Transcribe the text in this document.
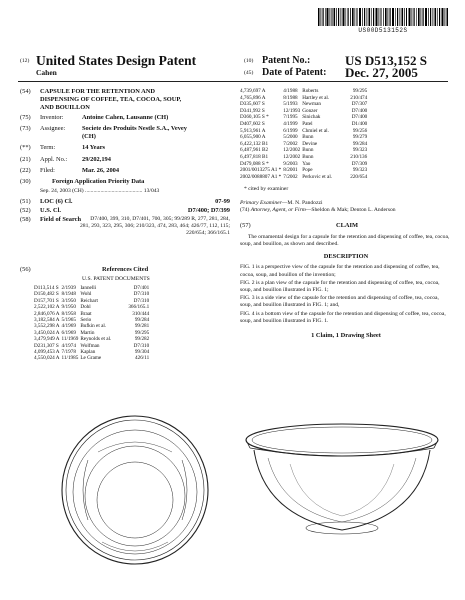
US00D513152S
(12) United States Design Patent
Cahen
(10) Patent No.:	US D513,152 S
(45) Date of Patent: Dec. 27, 2005
(54) CAPSULE FOR THE RETENTION AND DISPENSING OF COFFEE, TEA, COCOA, SOUP, AND BOUILLON
(75) Inventor:	Antoine Cahen, Lausanne (CH)
(73) Assignee:	Societe des Produits Nestle S.A., Vevey (CH)
(**) Term:	14 Years
(21) Appl. No.: 29/202,194
(22) Filed:	Mar. 26, 2004
(30)	Foreign Application Priority Data
Sep. 24, 2003 (CH) ......................................... 13/043
(51) LOC (6) Cl.	07-99
(52) U.S. Cl.	D7/400; D7/399
(58) Field of Search	D7/400, 399, 310, D7/401, 700, 305; 99/289 R, 277, 281, 284, 281, 293, 323, 295, 306; 210/323, 474, 283, 464; 426/77, 112, 115; 220/654; 366/165.1
(56)	References Cited
U.S. PATENT DOCUMENTS
D113,514 S	2/1939	Iannelli	D7/401
D150,482 S	8/1948	Wohl	D7/310
D157,701 S	3/1950	Reichart	D7/310
2,522,102 A	9/1950	Dohl	366/165.1
2,846,076 A	8/1958	Braat	310/444
3,182,584 A	5/1965	Serio	99/284
3,552,298 A	4/1969	Bufkin et al.	99/281
3,450,024 A	6/1969	Martin	99/295
3,479,949 A	11/1969	Reynolds et al.	99/282
D231,307 S	4/1974	Wolfman	D7/310
4,099,453 A	7/1978	Kaplan	99/304
4,550,024 A	11/1985	Le Grame	426/11
4,739,697 A	4/1988	Roberts	99/295
4,765,896 A	8/1988	Hartley et al.	210/474
D335,607 S	5/1993	Newman	D7/307
D341,992 S	12/1993	Gonzer	D7/400
D360,105 S *	7/1995	Sinichak	D7/400
D407,602 S	4/1999	Patel	D1/400
5,913,961 A	6/1999	Chmiel et al.	99/256
6,055,900 A	5/2000	Bunn	99/279
6,422,132 B1	7/2002	Devine	99/284
6,487,961 B2	12/2002	Bunn	99/323
6,497,818 B1	12/2002	Bunn	210/136
D479,088 S *	9/2003	Yao	D7/309
2001/0013275 A1 *	8/2001	Pope	99/323
2002/0088807 A1 *	7/2002	Perkovic et al.	220/654
* cited by examiner
Primary Examiner—M. N. Pandozzi
(74) Attorney, Agent, or Firm—Sheldon & Mak; Denton L. Anderson
(57)	CLAIM
The ornamental design for a capsule for the retention and dispensing of coffee, tea, cocoa, soup, and bouillon, as shown and described.
DESCRIPTION
FIG. 1 is a perspective view of the capsule for the retention and dispensing of coffee, tea, cocoa, soup, and bouillon of the invention;
FIG. 2 is a plan view of the capsule for the retention and dispensing of coffee, tea, cocoa, soup, and bouillon illustrated in FIG. 1;
FIG. 3 is a side view of the capsule for the retention and dispensing of coffee, tea, cocoa, soup, and bouillon illustrated in FIG. 1; and,
FIG. 4 is a bottom view of the capsule for the retention and dispensing of coffee, tea, cocoa, soup, and bouillon illustrated in FIG. 1.
1 Claim, 1 Drawing Sheet
